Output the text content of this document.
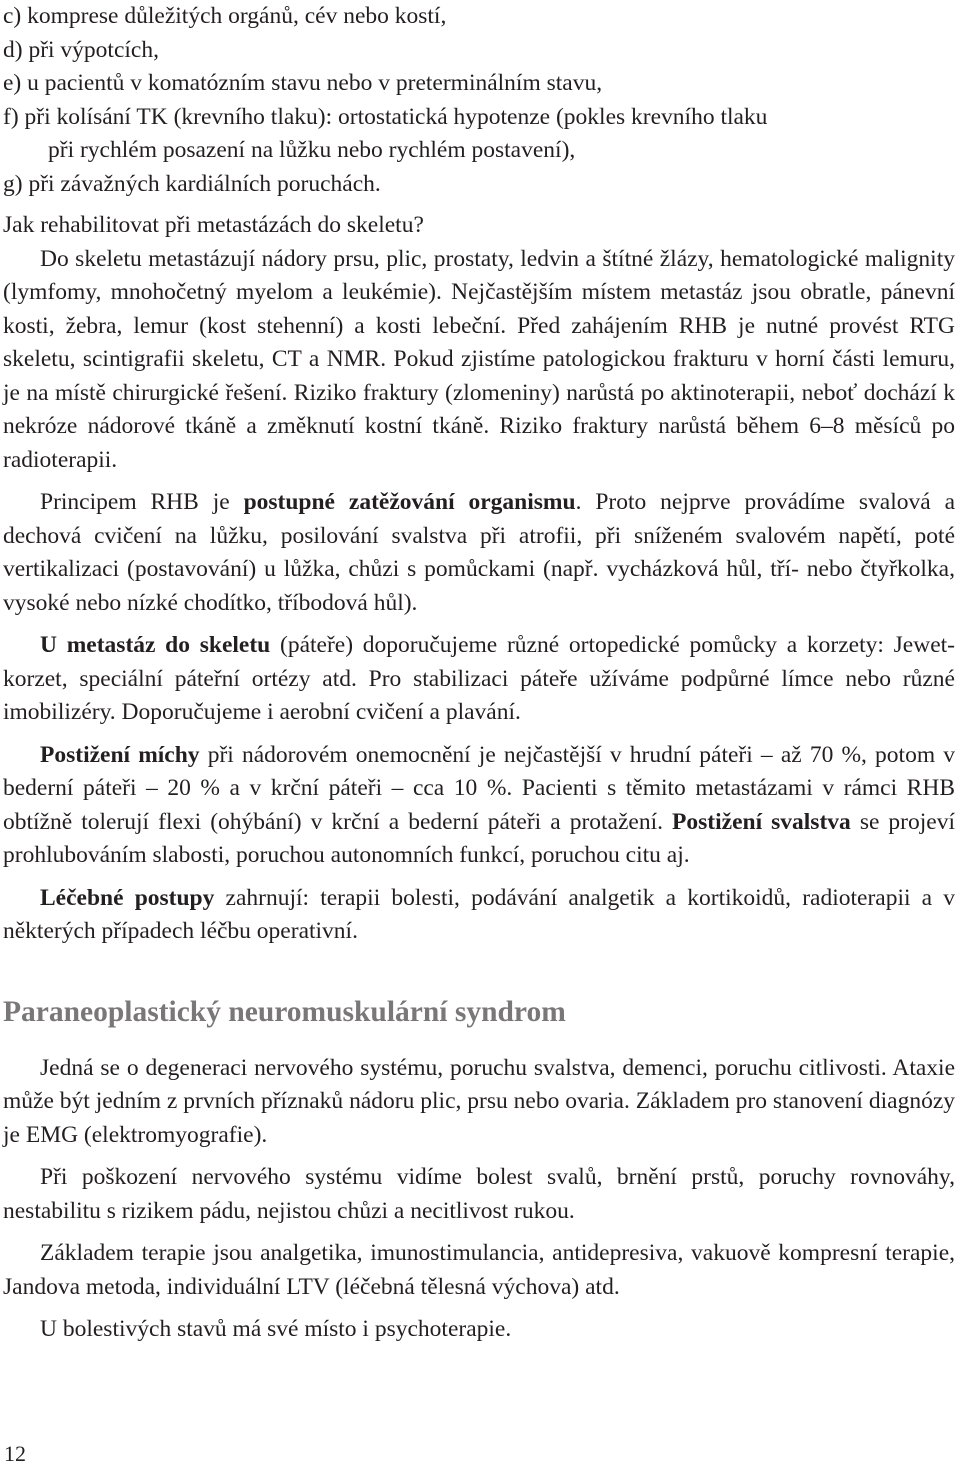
c) komprese důležitých orgánů, cév nebo kostí,
d) při výpotcích,
e) u pacientů v komatózním stavu nebo v preterminálním stavu,
f) při kolísání TK (krevního tlaku): ortostatická hypotenze (pokles krevního tlaku
při rychlém posazení na lůžku nebo rychlém postavení),
g) při závažných kardiálních poruchách.
Jak rehabilitovat při metastázách do skeletu?

Do skeletu metastázují nádory prsu, plic, prostaty, ledvin a štítné žlázy, hematologické malignity (lymfomy, mnohočetný myelom a leukémie). Nejčastějším místem metastáz jsou obratle, pánevní kosti, žebra, lemur (kost stehenní) a kosti lebeční. Před zahájením RHB je nutné provést RTG skeletu, scintigrafii skeletu, CT a NMR. Pokud zjistíme patologickou frakturu v horní části lemuru, je na místě chirurgické řešení. Riziko fraktury (zlomeniny) narůstá po aktinoterapii, neboť dochází k nekróze nádorové tkáně a změknutí kostní tkáně. Riziko fraktury narůstá během 6–8 měsíců po radioterapii.

Principem RHB je postupné zatěžování organismu. Proto nejprve provádíme svalová a dechová cvičení na lůžku, posilování svalstva při atrofii, při sníženém svalovém napětí, poté vertikalizaci (postavování) u lůžka, chůzi s pomůckami (např. vycházková hůl, tří- nebo čtyřkolka, vysoké nebo nízké chodítko, tříbodová hůl).

U metastáz do skeletu (páteře) doporučujeme různé ortopedické pomůcky a korzety: Jewet-korzet, speciální páteřní ortézy atd. Pro stabilizaci páteře užíváme podpůrné límce nebo různé imobilizéry. Doporučujeme i aerobní cvičení a plavání.

Postižení míchy při nádorovém onemocnění je nejčastější v hrudní páteři – až 70 %, potom v bederní páteři – 20 % a v krční páteři – cca 10 %. Pacienti s těmito metastázami v rámci RHB obtížně tolerují flexi (ohýbání) v krční a bederní páteři a protažení. Postižení svalstva se projeví prohlubováním slabosti, poruchou autonomních funkcí, poruchou citu aj.

Léčebné postupy zahrnují: terapii bolesti, podávání analgetik a kortikoidů, radioterapii a v některých případech léčbu operativní.

Paraneoplastický neuromuskulární syndrom

Jedná se o degeneraci nervového systému, poruchu svalstva, demenci, poruchu citlivosti. Ataxie může být jedním z prvních příznaků nádoru plic, prsu nebo ovaria. Základem pro stanovení diagnózy je EMG (elektromyografie).

Při poškození nervového systému vidíme bolest svalů, brnění prstů, poruchy rovnováhy, nestabilitu s rizikem pádu, nejistou chůzi a necitlivost rukou.

Základem terapie jsou analgetika, imunostimulancia, antidepresiva, vakuově kompresní terapie, Jandova metoda, individuální LTV (léčebná tělesná výchova) atd.

U bolestivých stavů má své místo i psychoterapie.

12
